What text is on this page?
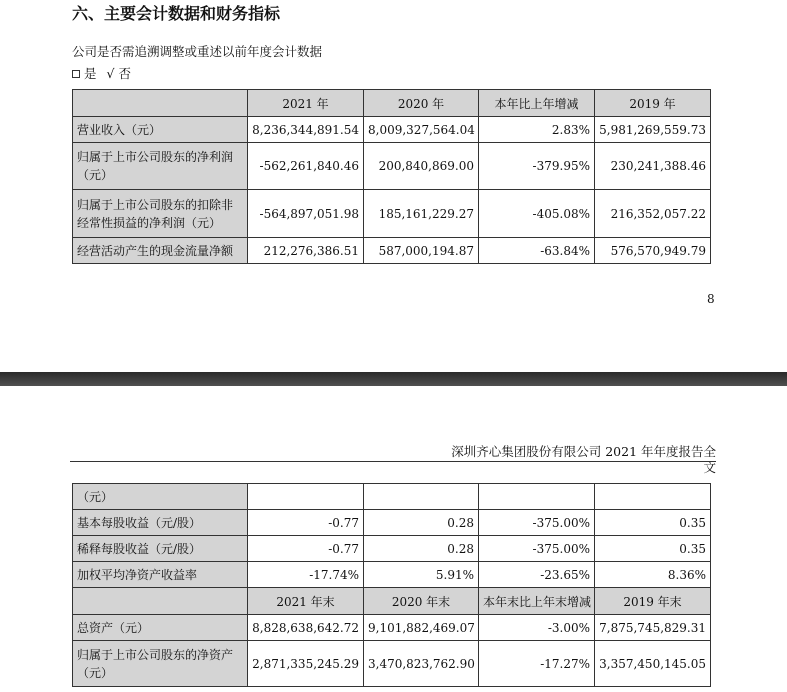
六、主要会计数据和财务指标
公司是否需追溯调整或重述以前年度会计数据
是 √ 否
	2021 年	2020 年	本年比上年增减	2019 年
营业收入（元）	8,236,344,891.54	8,009,327,564.04	2.83%	5,981,269,559.73
归属于上市公司股东的净利润（元）	-562,261,840.46	200,840,869.00	-379.95%	230,241,388.46
归属于上市公司股东的扣除非经常性损益的净利润（元）	-564,897,051.98	185,161,229.27	-405.08%	216,352,057.22
经营活动产生的现金流量净额	212,276,386.51	587,000,194.87	-63.84%	576,570,949.79
8
深圳齐心集团股份有限公司 2021 年年度报告全文
（元）				
基本每股收益（元/股）	-0.77	0.28	-375.00%	0.35
稀释每股收益（元/股）	-0.77	0.28	-375.00%	0.35
加权平均净资产收益率	-17.74%	5.91%	-23.65%	8.36%
	2021 年末	2020 年末	本年末比上年末增减	2019 年末
总资产（元）	8,828,638,642.72	9,101,882,469.07	-3.00%	7,875,745,829.31
归属于上市公司股东的净资产（元）	2,871,335,245.29	3,470,823,762.90	-17.27%	3,357,450,145.05
